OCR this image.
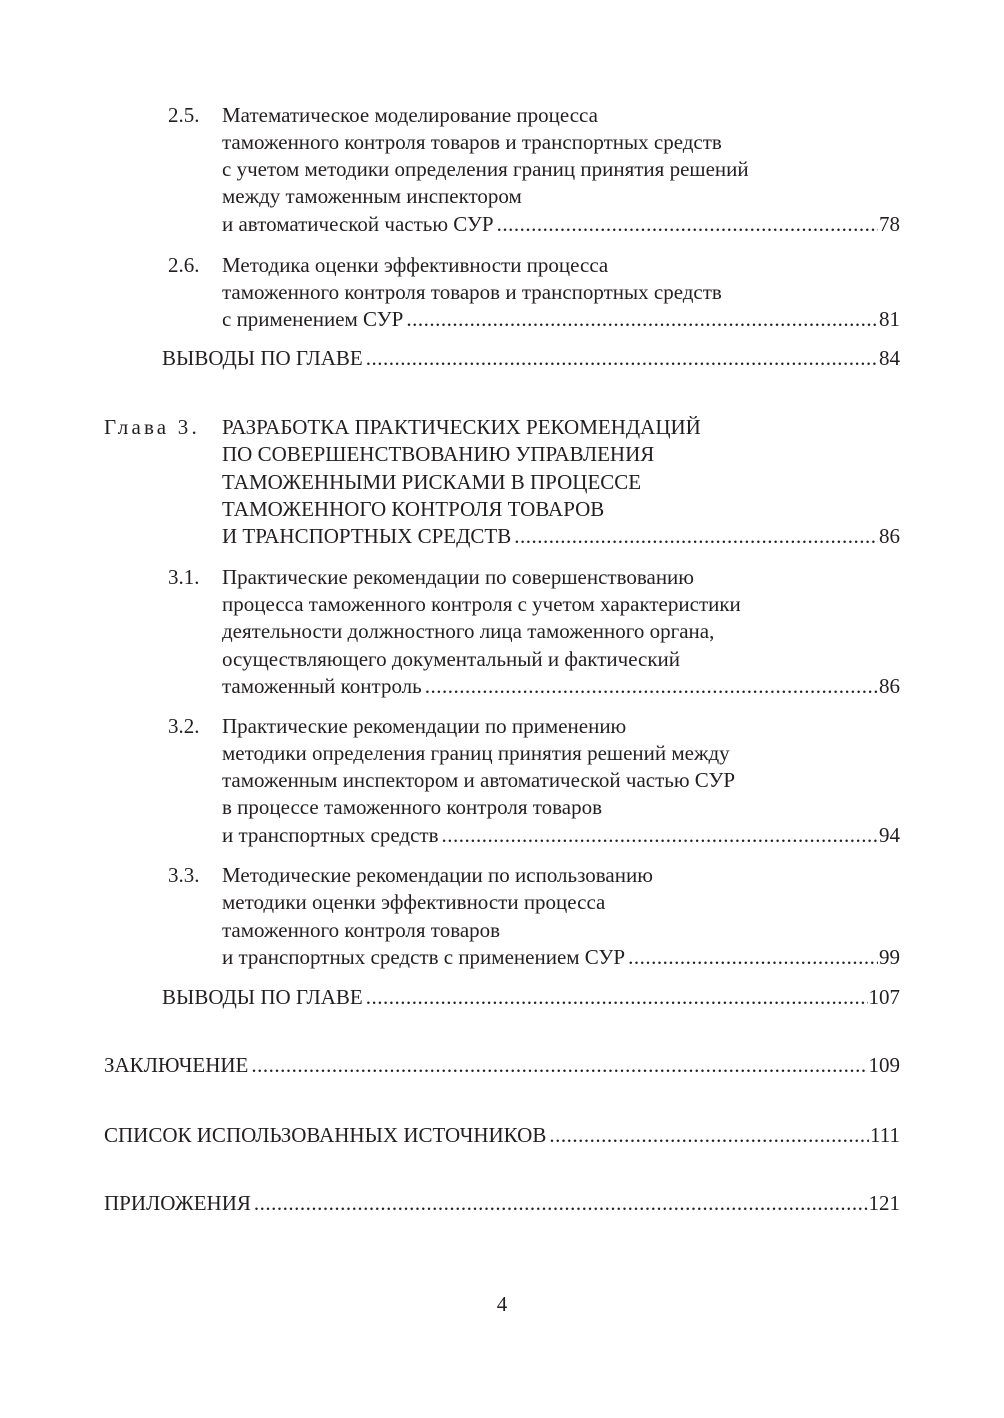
2.5. Математическое моделирование процесса
таможенного контроля товаров и транспортных средств
с учетом методики определения границ принятия решений
между таможенным инспектором
и автоматической частью СУР .....	78
2.6. Методика оценки эффективности процесса
таможенного контроля товаров и транспортных средств
с применением СУР .....	81
ВЫВОДЫ ПО ГЛАВЕ .....	84
Глава 3. РАЗРАБОТКА ПРАКТИЧЕСКИХ РЕКОМЕНДАЦИЙ
ПО СОВЕРШЕНСТВОВАНИЮ УПРАВЛЕНИЯ
ТАМОЖЕННЫМИ РИСКАМИ В ПРОЦЕССЕ
ТАМОЖЕННОГО КОНТРОЛЯ ТОВАРОВ
И ТРАНСПОРТНЫХ СРЕДСТВ .....	86
3.1. Практические рекомендации по совершенствованию
процесса таможенного контроля с учетом характеристики
деятельности должностного лица таможенного органа,
осуществляющего документальный и фактический
таможенный контроль .....	86
3.2. Практические рекомендации по применению
методики определения границ принятия решений между
таможенным инспектором и автоматической частью СУР
в процессе таможенного контроля товаров
и транспортных средств .....	94
3.3. Методические рекомендации по использованию
методики оценки эффективности процесса
таможенного контроля товаров
и транспортных средств с применением СУР .....	99
ВЫВОДЫ ПО ГЛАВЕ .....	107
ЗАКЛЮЧЕНИЕ .....	109
СПИСОК ИСПОЛЬЗОВАННЫХ ИСТОЧНИКОВ .....	111
ПРИЛОЖЕНИЯ .....	121
4
